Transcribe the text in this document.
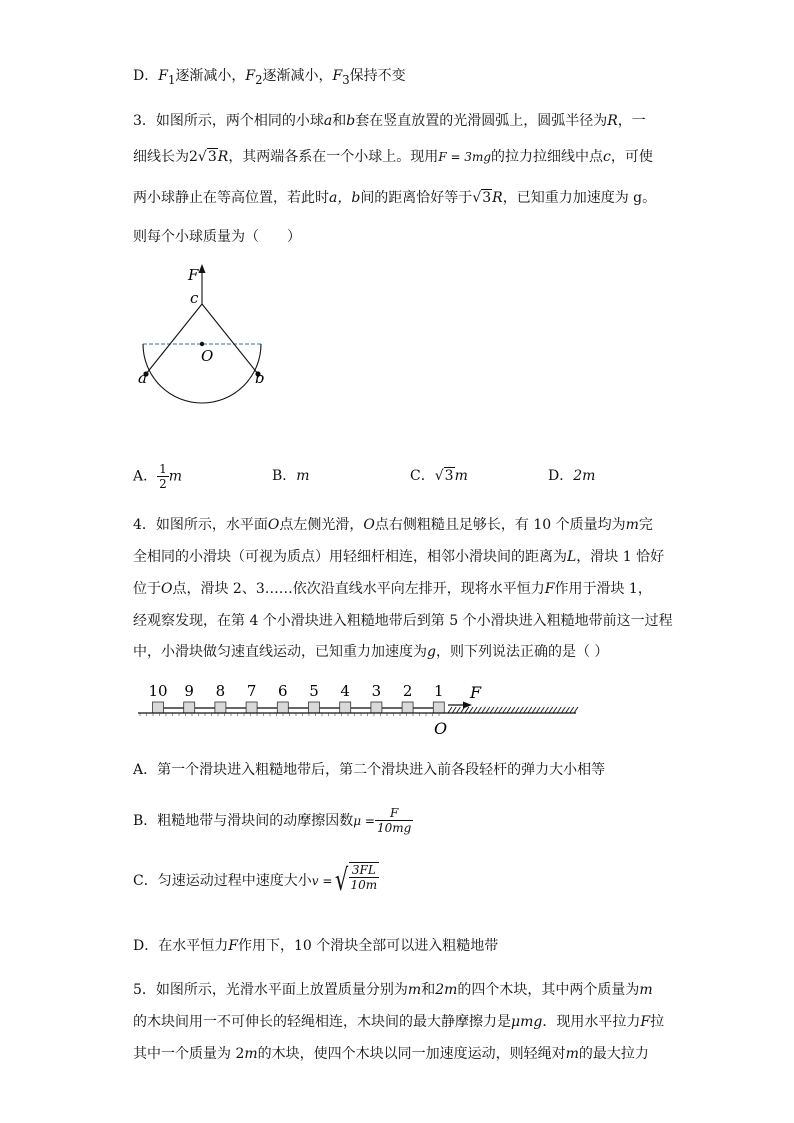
D．$F_1$逐渐减小，$F_2$逐渐减小，$F_3$保持不变
3．如图所示，两个相同的小球a和b套在竖直放置的光滑圆弧上，圆弧半径为R，一
细线长为2√3R，其两端各系在一个小球上。现用F = 3mg的拉力拉细线中点c，可使
两小球静止在等高位置，若此时a，b间的距离恰好等于√3R，已知重力加速度为 g。
则每个小球质量为（　　）
F
c
O
a	b
A． $\frac{1}{2}$ m	B．m	C．√3m	D．2m
4．如图所示，水平面O点左侧光滑，O点右侧粗糙且足够长，有 10 个质量均为m完
全相同的小滑块（可视为质点）用轻细杆相连，相邻小滑块间的距离为L，滑块 1 恰好
位于O点，滑块 2、3……依次沿直线水平向左排开，现将水平恒力F作用于滑块 1，
经观察发现，在第 4 个小滑块进入粗糙地带后到第 5 个小滑块进入粗糙地带前这一过程
中，小滑块做匀速直线运动，已知重力加速度为g，则下列说法正确的是（ ）
10 9 8 7 6 5 4 3 2 1 F
O
A．第一个滑块进入粗糙地带后，第二个滑块进入前各段轻杆的弹力大小相等
B．粗糙地带与滑块间的动摩擦因数 $\mu = \frac{F}{10mg}$
C．匀速运动过程中速度大小 v = √ $\frac{3FL}{10m}$
D．在水平恒力F作用下，10 个滑块全部可以进入粗糙地带
5．如图所示，光滑水平面上放置质量分别为m和2m的四个木块，其中两个质量为m
的木块间用一不可伸长的轻绳相连，木块间的最大静摩擦力是μmg．现用水平拉力F拉
其中一个质量为 2m的木块，使四个木块以同一加速度运动，则轻绳对m的最大拉力
